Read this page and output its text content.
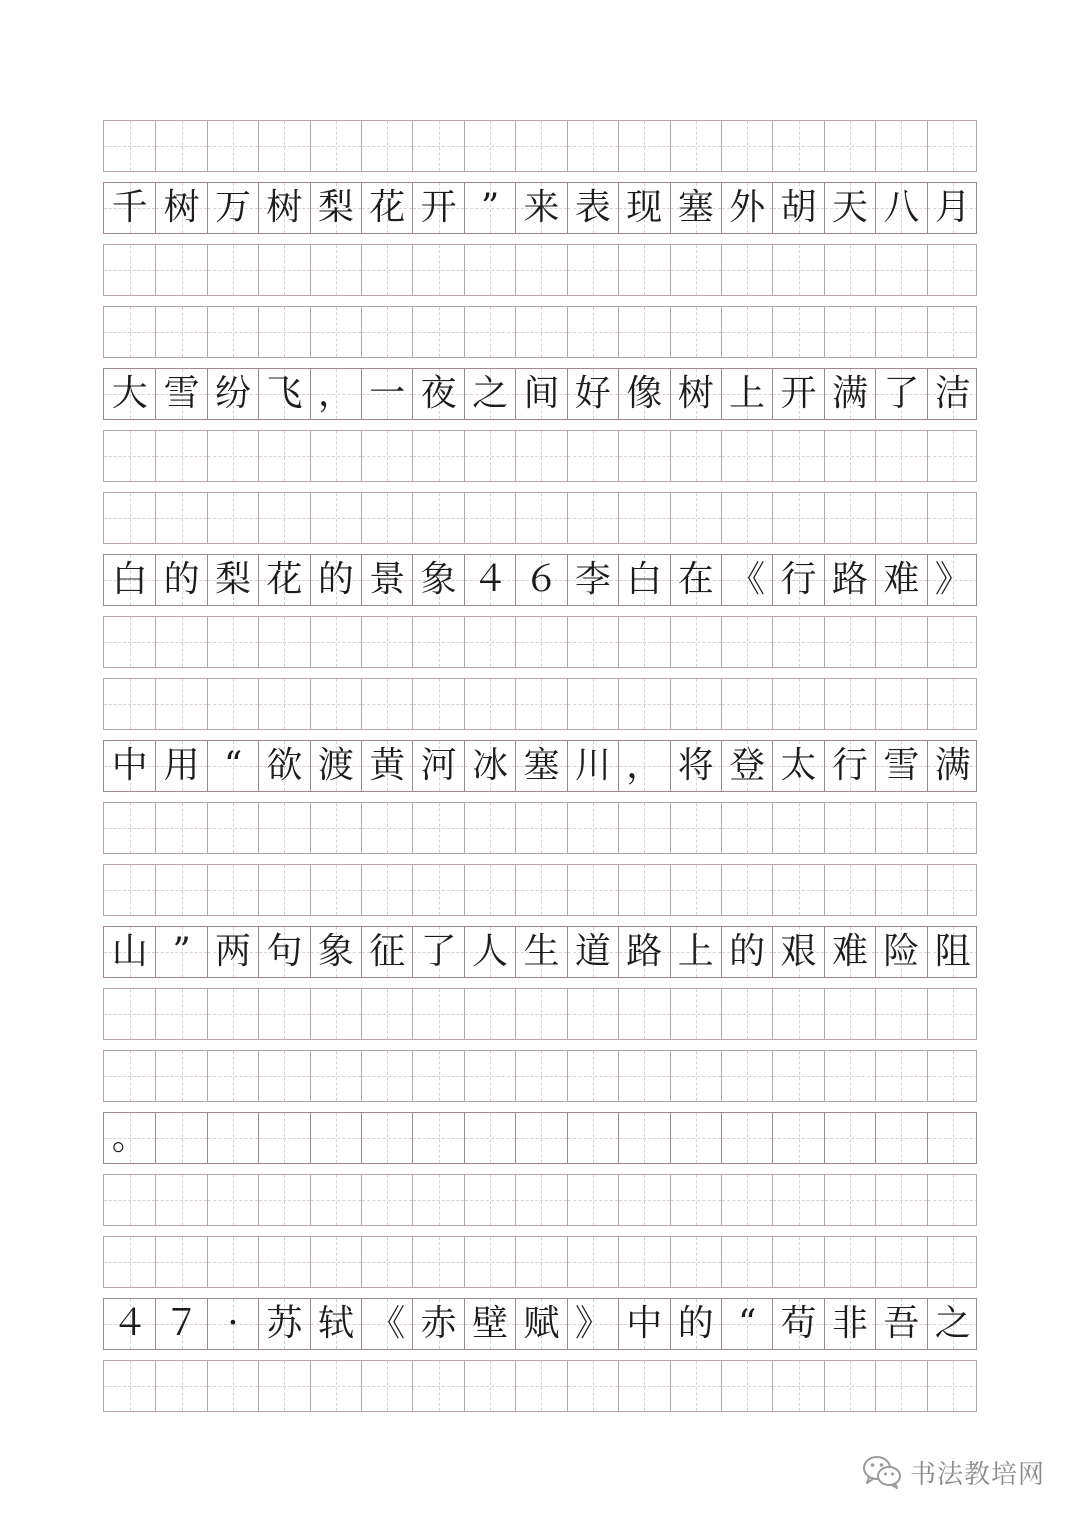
千 树 万 树 梨 花 开 ” 来 表 现 塞 外 胡 天 八 月
大 雪 纷 飞 ， 一 夜 之 间 好 像 树 上 开 满 了 洁
白 的 梨 花 的 景 象 ４ ６ 李 白 在 《 行 路 难 》
中 用 “ 欲 渡 黄 河 冰 塞 川 ， 将 登 太 行 雪 满
山 ” 两 句 象 征 了 人 生 道 路 上 的 艰 难 险 阻
。
４ ７ · 苏 轼 《 赤 壁 赋 》 中 的 “ 苟 非 吾 之
书法教培网
